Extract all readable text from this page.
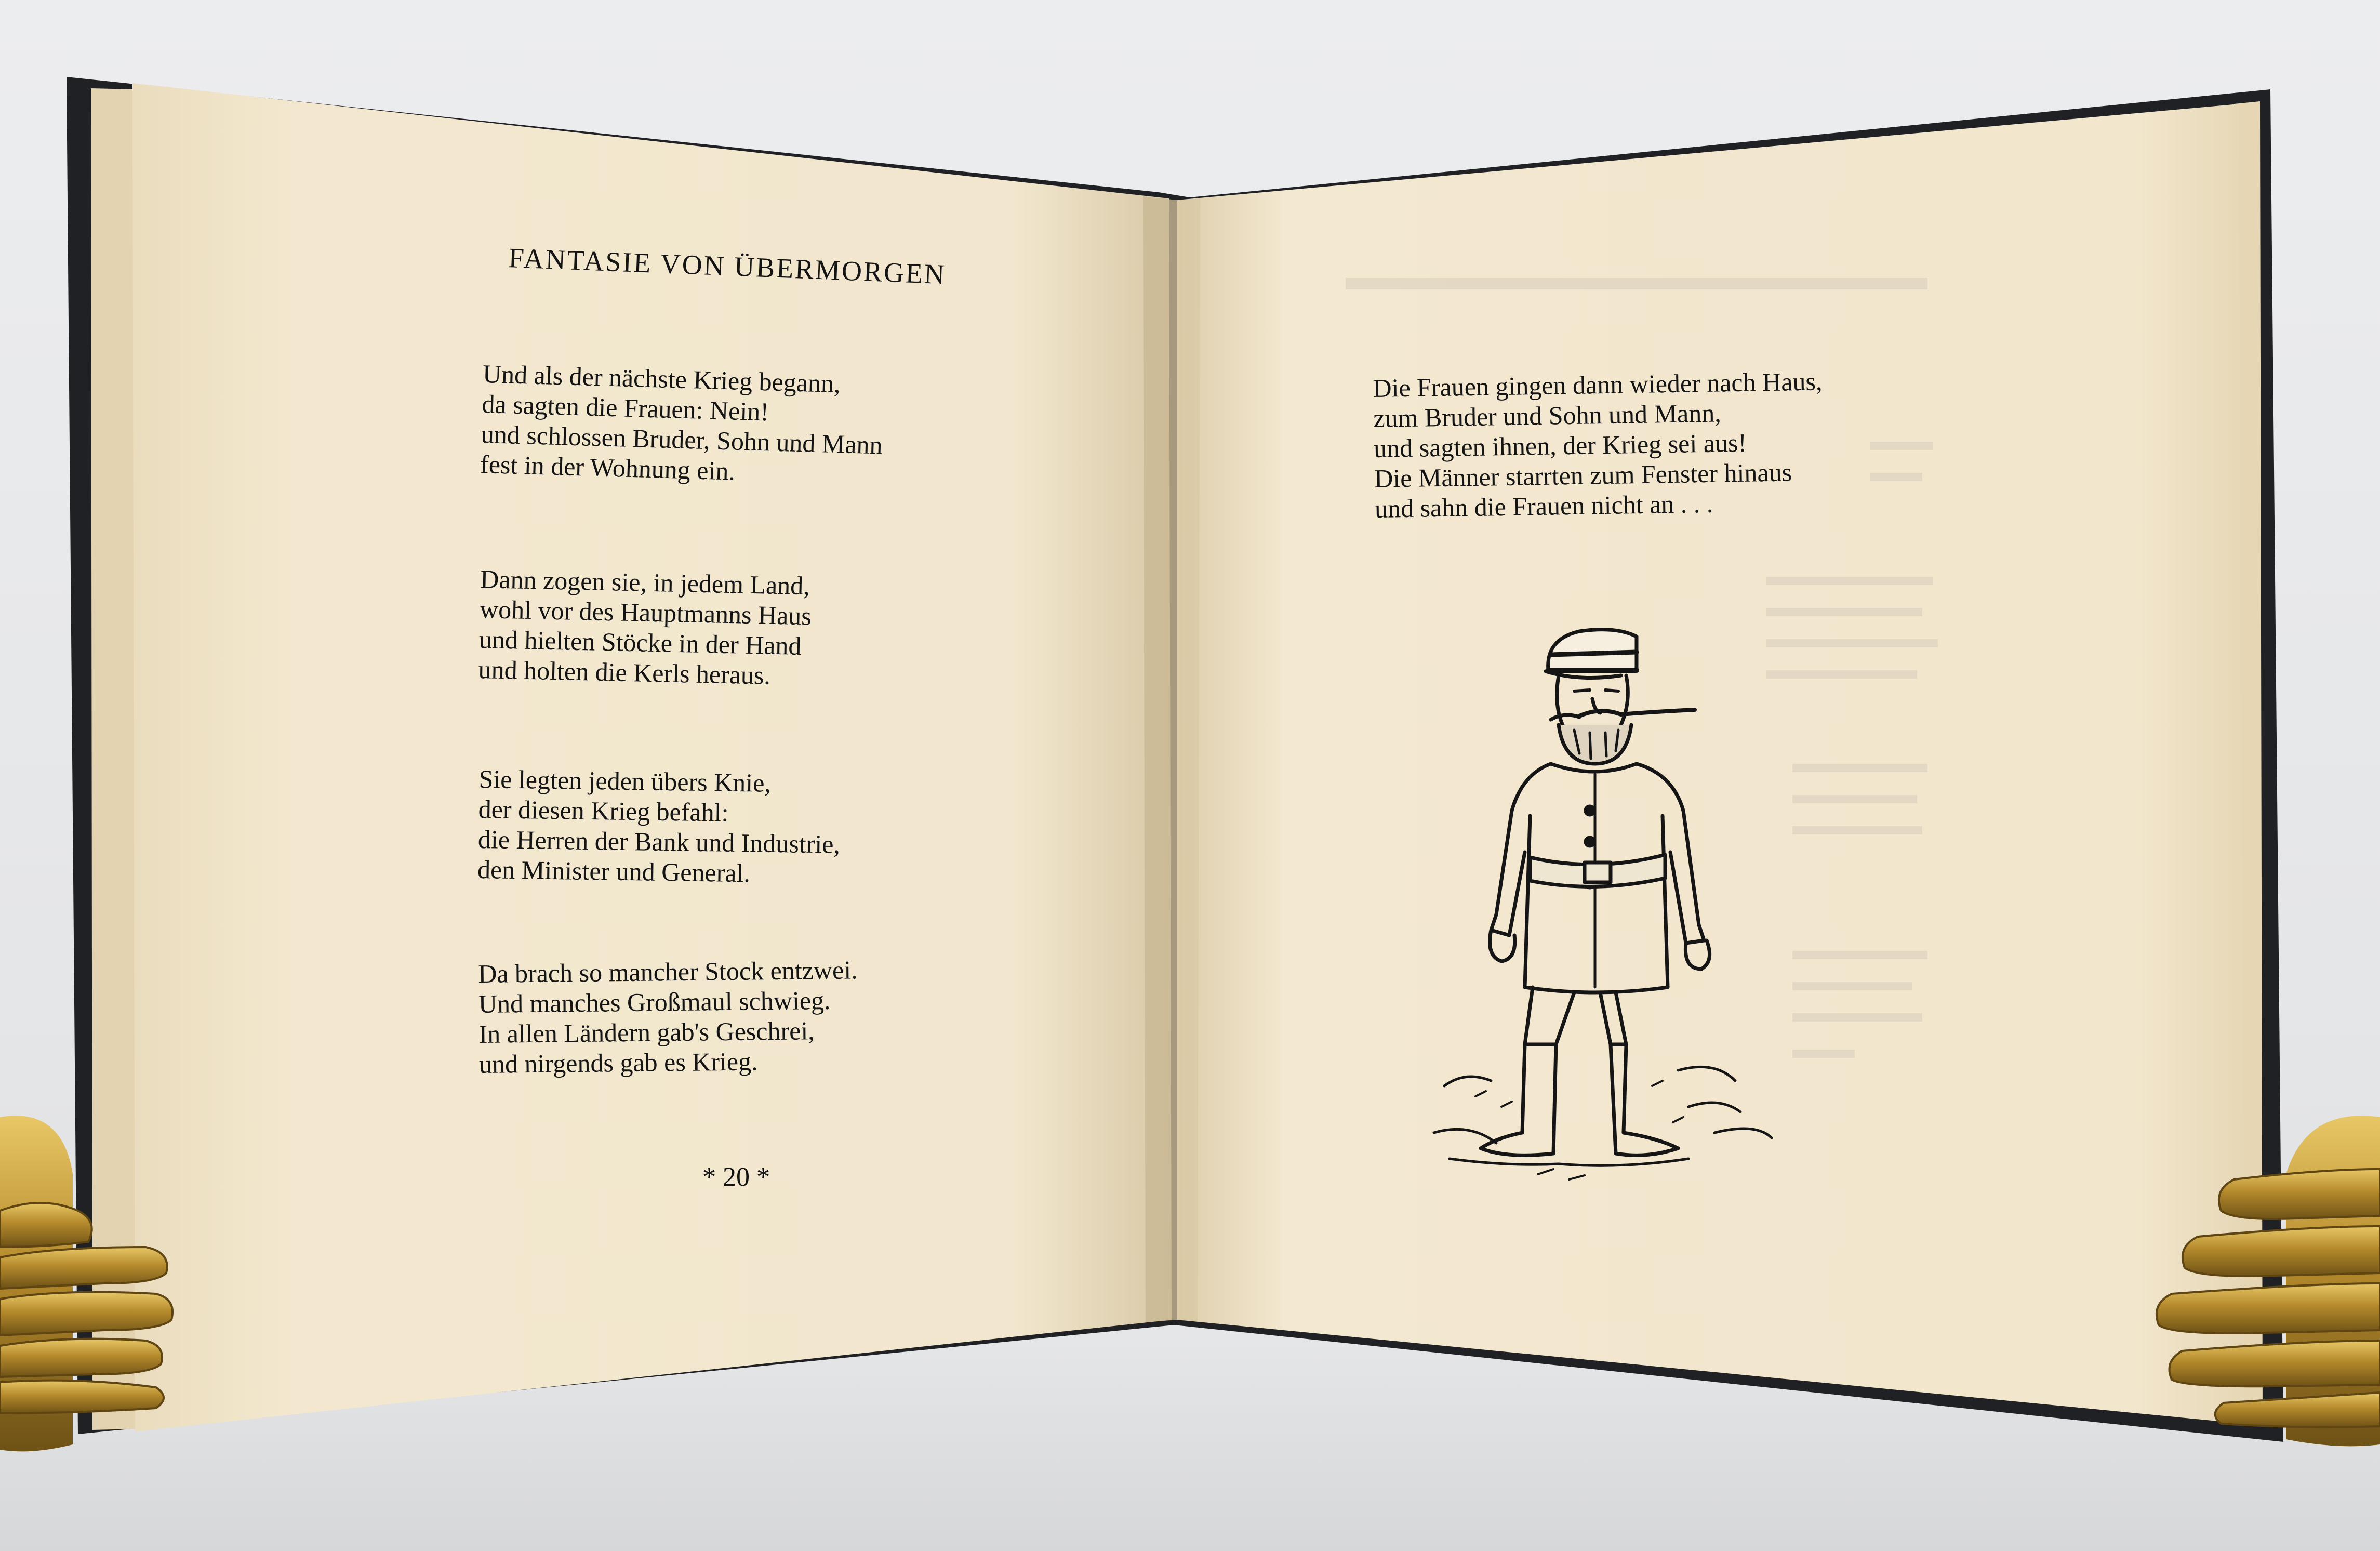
FANTASIE VON ÜBERMORGEN
Und als der nächste Krieg begann,
da sagten die Frauen: Nein!
und schlossen Bruder, Sohn und Mann
fest in der Wohnung ein.
Dann zogen sie, in jedem Land,
wohl vor des Hauptmanns Haus
und hielten Stöcke in der Hand
und holten die Kerls heraus.
Sie legten jeden übers Knie,
der diesen Krieg befahl:
die Herren der Bank und Industrie,
den Minister und General.
Da brach so mancher Stock entzwei.
Und manches Großmaul schwieg.
In allen Ländern gab's Geschrei,
und nirgends gab es Krieg.
* 20 *
Die Frauen gingen dann wieder nach Haus,
zum Bruder und Sohn und Mann,
und sagten ihnen, der Krieg sei aus!
Die Männer starrten zum Fenster hinaus
und sahn die Frauen nicht an . . .
